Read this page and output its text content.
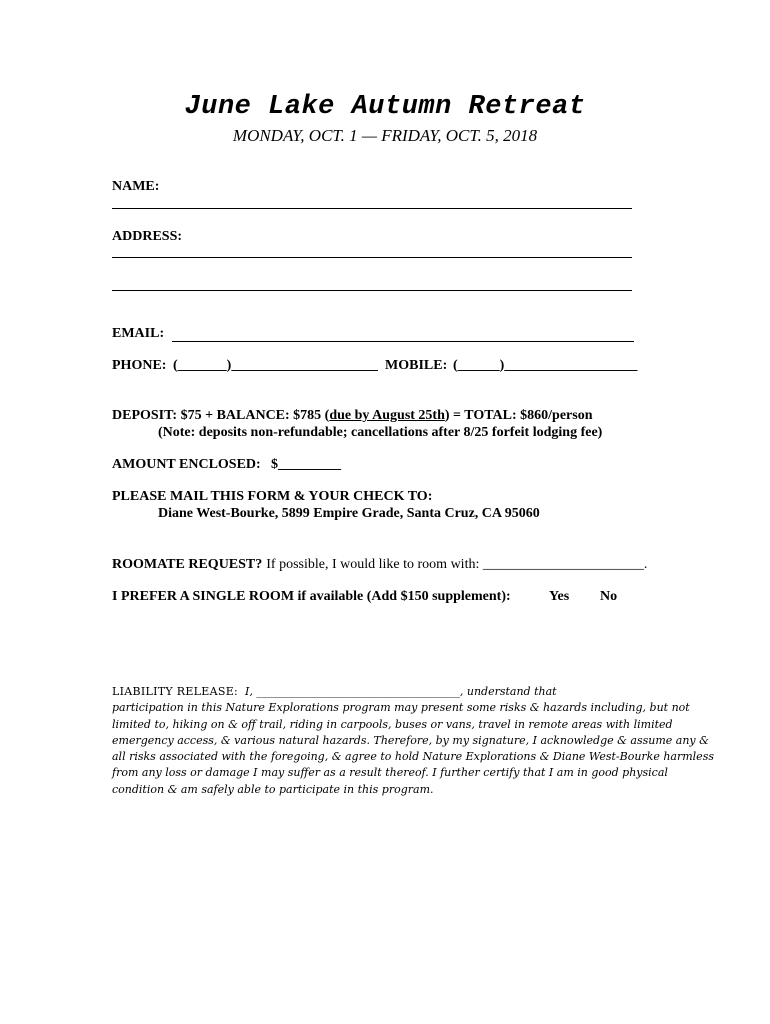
June Lake Autumn Retreat
MONDAY, OCT. 1 — FRIDAY, OCT. 5, 2018
NAME:
ADDRESS:
EMAIL:
PHONE: (_______)_____________________ MOBILE: (______)___________________
DEPOSIT: $75 + BALANCE: $785 (due by August 25th) = TOTAL: $860/person
(Note: deposits non-refundable; cancellations after 8/25 forfeit lodging fee)
AMOUNT ENCLOSED: $_________
PLEASE MAIL THIS FORM & YOUR CHECK TO:
Diane West-Bourke, 5899 Empire Grade, Santa Cruz, CA 95060
ROOMATE REQUEST? If possible, I would like to room with: _______________________.
I PREFER A SINGLE ROOM if available (Add $150 supplement):	Yes No
LIABILITY RELEASE: I, _____________________________________, understand that
participation in this Nature Explorations program may present some risks & hazards including, but not
limited to, hiking on & off trail, riding in carpools, buses or vans, travel in remote areas with limited
emergency access, & various natural hazards. Therefore, by my signature, I acknowledge & assume any &
all risks associated with the foregoing, & agree to hold Nature Explorations & Diane West-Bourke harmless
from any loss or damage I may suffer as a result thereof. I further certify that I am in good physical
condition & am safely able to participate in this program.
